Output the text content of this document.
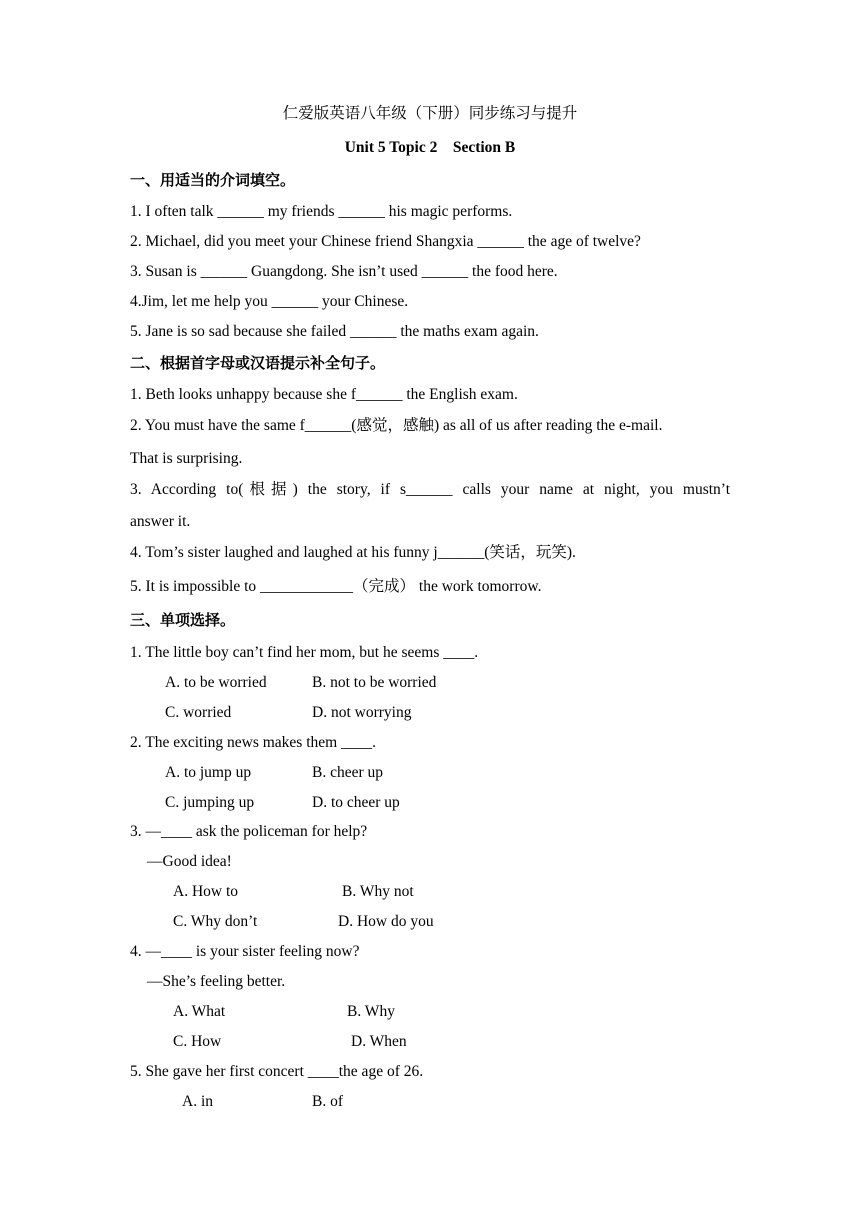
仁爱版英语八年级（下册）同步练习与提升
Unit 5 Topic 2    Section B
一、用适当的介词填空。
1. I often talk ______ my friends ______ his magic performs.
2. Michael, did you meet your Chinese friend Shangxia ______ the age of twelve?
3. Susan is ______ Guangdong. She isn’t used ______ the food here.
4.Jim, let me help you ______ your Chinese.
5. Jane is so sad because she failed ______ the maths exam again.
二、根据首字母或汉语提示补全句子。
1. Beth looks unhappy because she f______ the English exam.
2. You must have the same f______(感觉，感触) as all of us after reading the e-mail.
That is surprising.
3. According to(根据) the story, if s______ calls your name at night, you mustn’t
answer it.
4. Tom’s sister laughed and laughed at his funny j______(笑话，玩笑).
5. It is impossible to ____________（完成） the work tomorrow.
三、单项选择。
1. The little boy can’t find her mom, but he seems ____.
A. to be worried	B. not to be worried
C. worried	D. not worrying
2. The exciting news makes them ____.
A. to jump up	B. cheer up
C. jumping up	D. to cheer up
3. —____ ask the policeman for help?
—Good idea!
A. How to	B. Why not
C. Why don’t	D. How do you
4. —____ is your sister feeling now?
—She’s feeling better.
A. What	B. Why
C. How	D. When
5. She gave her first concert ____the age of 26.
A. in	B. of
